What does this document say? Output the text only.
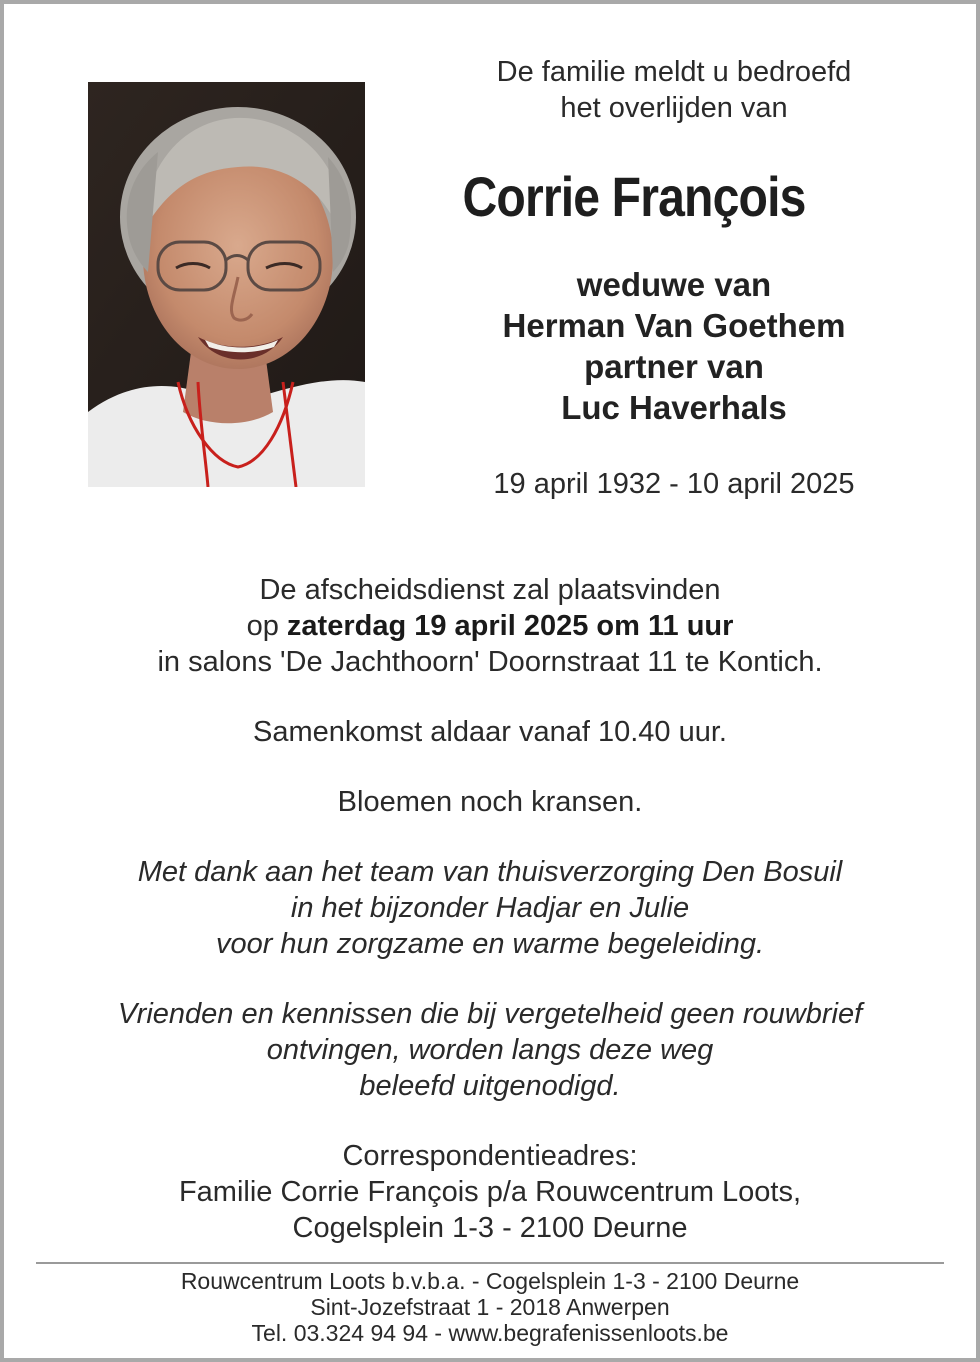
De familie meldt u bedroefd
het overlijden van
Corrie François
weduwe van
Herman Van Goethem
partner van
Luc Haverhals
19 april 1932 - 10 april 2025
De afscheidsdienst zal plaatsvinden
op zaterdag 19 april 2025 om 11 uur
in salons 'De Jachthoorn' Doornstraat 11 te Kontich.
Samenkomst aldaar vanaf 10.40 uur.
Bloemen noch kransen.
Met dank aan het team van thuisverzorging Den Bosuil
in het bijzonder Hadjar en Julie
voor hun zorgzame en warme begeleiding.
Vrienden en kennissen die bij vergetelheid geen rouwbrief
ontvingen, worden langs deze weg
beleefd uitgenodigd.
Correspondentieadres:
Familie Corrie François p/a Rouwcentrum Loots,
Cogelsplein 1-3 - 2100 Deurne
Rouwcentrum Loots b.v.b.a. - Cogelsplein 1-3 - 2100 Deurne
Sint-Jozefstraat 1 - 2018 Anwerpen
Tel. 03.324 94 94 - www.begrafenissenloots.be
